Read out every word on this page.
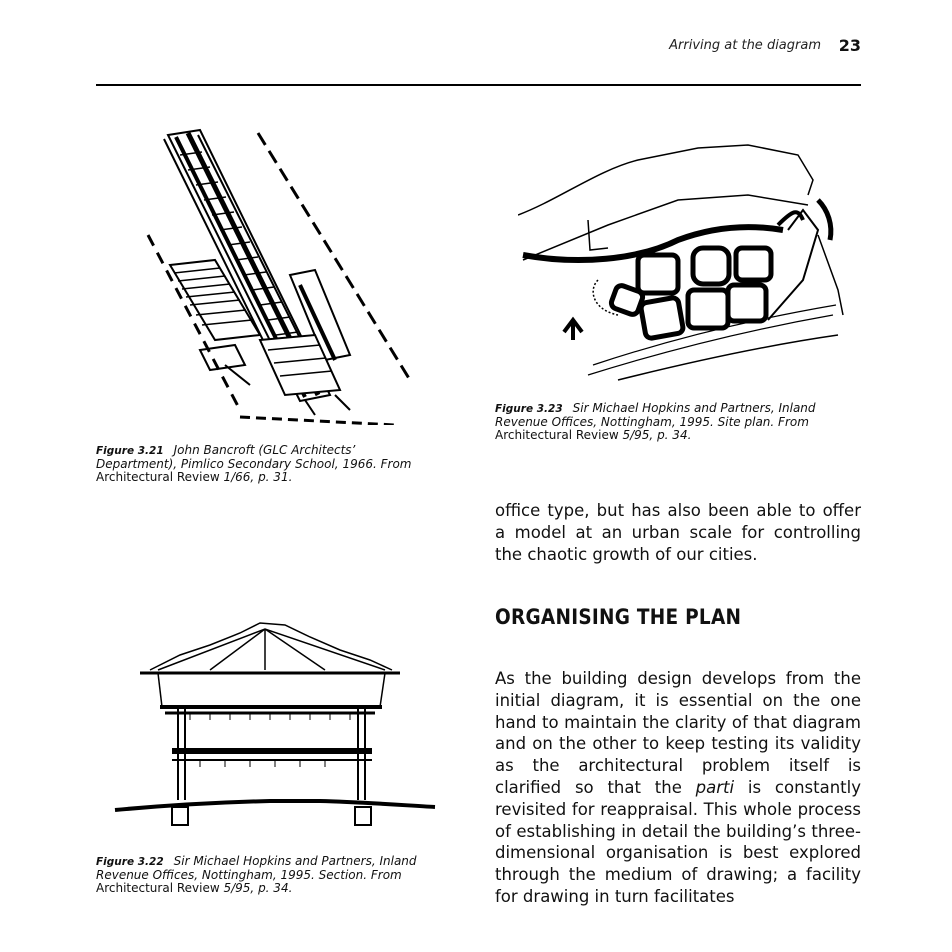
Arriving at the diagram 23
Figure 3.21 John Bancroft (GLC Architects’ Department), Pimlico Secondary School, 1966. From Architectural Review 1/66, p. 31.
Figure 3.23 Sir Michael Hopkins and Partners, Inland Revenue Offices, Nottingham, 1995. Site plan. From Architectural Review 5/95, p. 34.

office type, but has also been able to offer a model at an urban scale for controlling the chaotic growth of our cities.

ORGANISING THE PLAN
Figure 3.22 Sir Michael Hopkins and Partners, Inland Revenue Offices, Nottingham, 1995. Section. From Architectural Review 5/95, p. 34.

As the building design develops from the initial diagram, it is essential on the one hand to maintain the clarity of that diagram and on the other to keep testing its validity as the architectural problem itself is clarified so that the parti is constantly revisited for reappraisal. This whole process of establishing in detail the building’s three-dimensional organisation is best explored through the medium of drawing; a facility for drawing in turn facilitates
